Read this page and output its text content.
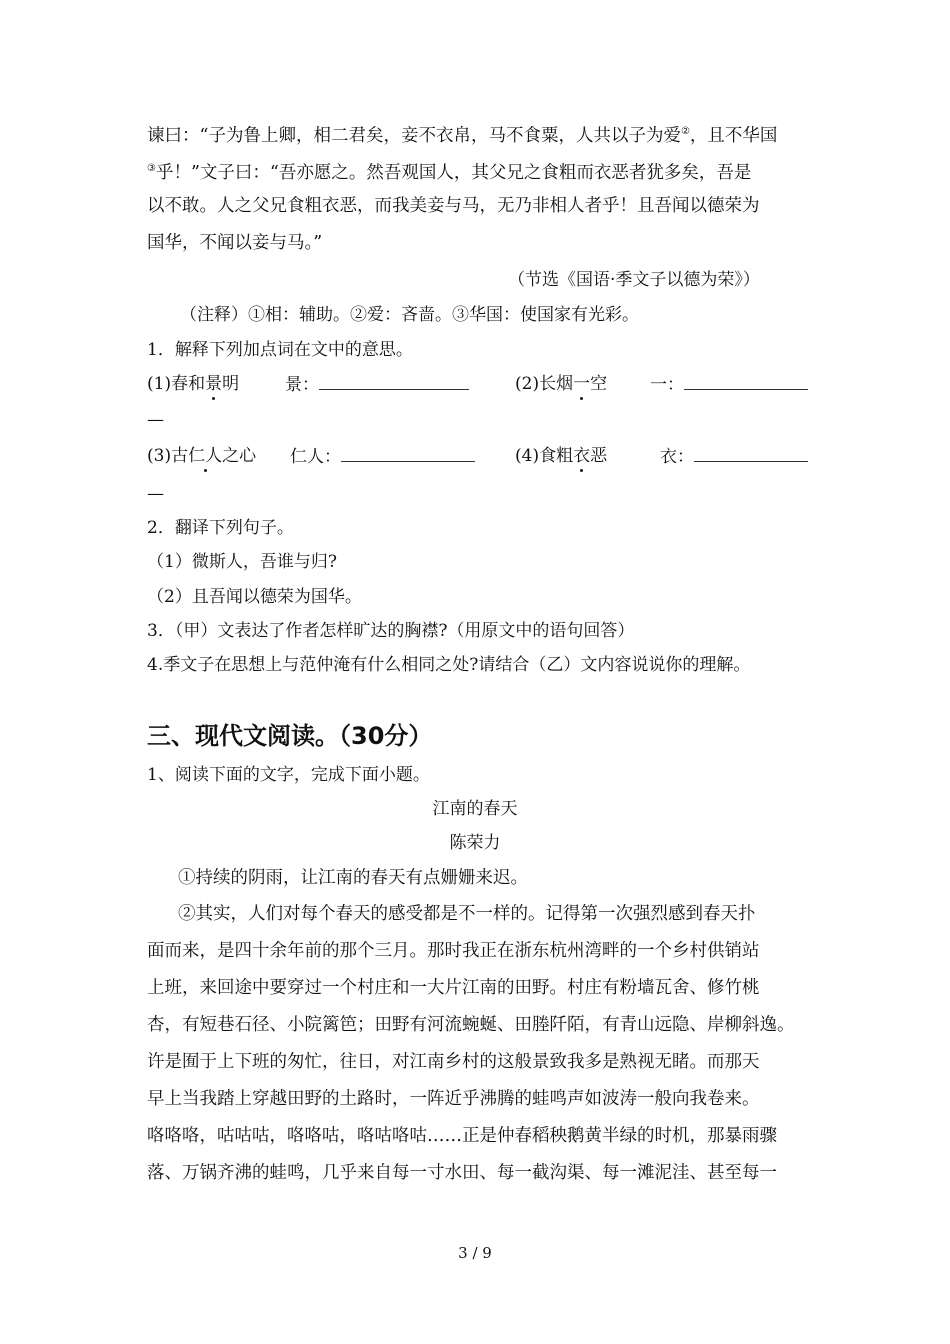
谏曰：“子为鲁上卿，相二君矣，妾不衣帛，马不食粟，人共以子为爱②，且不华国
③乎！”文子曰：“吾亦愿之。然吾观国人，其父兄之食粗而衣恶者犹多矣，吾是
以不敢。人之父兄食粗衣恶，而我美妾与马，无乃非相人者乎！且吾闻以德荣为
国华，不闻以妾与马。”
（节选《国语·季文子以德为荣》）
（注释）①相：辅助。②爱：吝啬。③华国：使国家有光彩。
1．解释下列加点词在文中的意思。
(1)春和景明	景：	(2)长烟一空	一：
—
(3)古仁人之心 仁人：	(4)食粗衣恶	衣：
—
2．翻译下列句子。
（1）微斯人，吾谁与归?
（2）且吾闻以德荣为国华。
3．（甲）文表达了作者怎样旷达的胸襟?（用原文中的语句回答）
4.季文子在思想上与范仲淹有什么相同之处?请结合（乙）文内容说说你的理解。
三、现代文阅读。（30分）
1、阅读下面的文字，完成下面小题。
江南的春天
陈荣力
①持续的阴雨，让江南的春天有点姗姗来迟。
②其实，人们对每个春天的感受都是不一样的。记得第一次强烈感到春天扑
面而来，是四十余年前的那个三月。那时我正在浙东杭州湾畔的一个乡村供销站
上班，来回途中要穿过一个村庄和一大片江南的田野。村庄有粉墙瓦舍、修竹桃
杏，有短巷石径、小院篱笆；田野有河流蜿蜒、田塍阡陌，有青山远隐、岸柳斜逸。
许是囿于上下班的匆忙，往日，对江南乡村的这般景致我多是熟视无睹。而那天
早上当我踏上穿越田野的土路时，一阵近乎沸腾的蛙鸣声如波涛一般向我卷来。
咯咯咯，咕咕咕，咯咯咕，咯咕咯咕……正是仲春稻秧鹅黄半绿的时机，那暴雨骤
落、万锅齐沸的蛙鸣，几乎来自每一寸水田、每一截沟渠、每一滩泥洼、甚至每一
3 / 9
